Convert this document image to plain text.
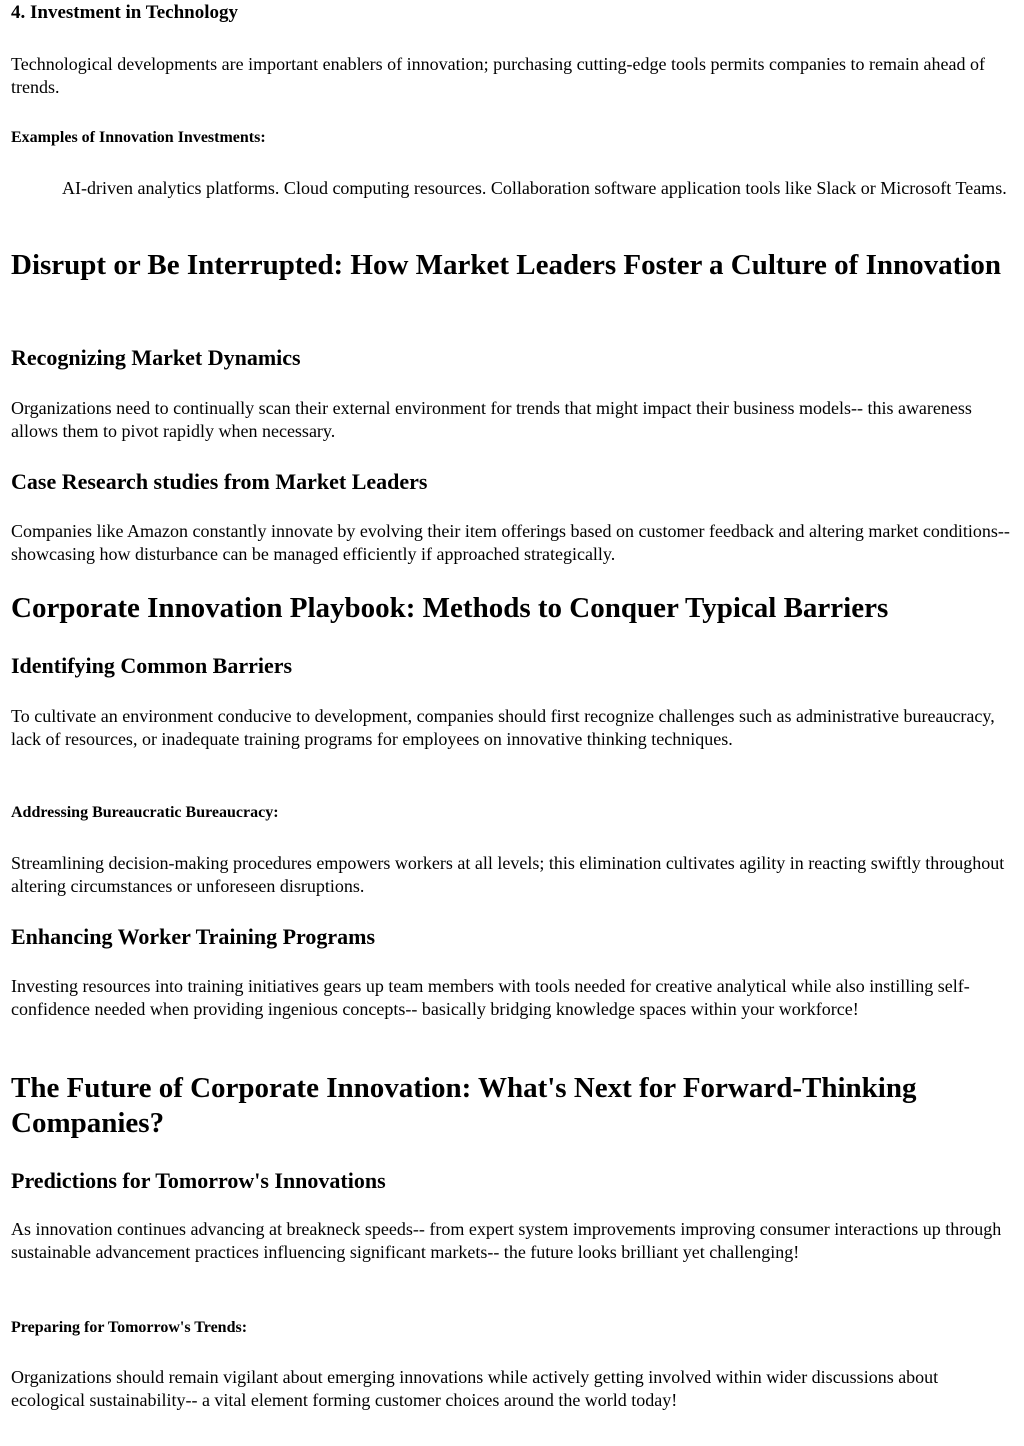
4. Investment in Technology

Technological developments are important enablers of innovation; purchasing cutting-edge tools permits companies to remain ahead of trends.

Examples of Innovation Investments:

AI-driven analytics platforms. Cloud computing resources. Collaboration software application tools like Slack or Microsoft Teams.

Disrupt or Be Interrupted: How Market Leaders Foster a Culture of Innovation
Recognizing Market Dynamics

Organizations need to continually scan their external environment for trends that might impact their business models-- this awareness allows them to pivot rapidly when necessary.

Case Research studies from Market Leaders

Companies like Amazon constantly innovate by evolving their item offerings based on customer feedback and altering market conditions-- showcasing how disturbance can be managed efficiently if approached strategically.

Corporate Innovation Playbook: Methods to Conquer Typical Barriers
Identifying Common Barriers

To cultivate an environment conducive to development, companies should first recognize challenges such as administrative bureaucracy, lack of resources, or inadequate training programs for employees on innovative thinking techniques.

Addressing Bureaucratic Bureaucracy:

Streamlining decision-making procedures empowers workers at all levels; this elimination cultivates agility in reacting swiftly throughout altering circumstances or unforeseen disruptions.

Enhancing Worker Training Programs

Investing resources into training initiatives gears up team members with tools needed for creative analytical while also instilling self-confidence needed when providing ingenious concepts-- basically bridging knowledge spaces within your workforce!

The Future of Corporate Innovation: What's Next for Forward-Thinking Companies?
Predictions for Tomorrow's Innovations

As innovation continues advancing at breakneck speeds-- from expert system improvements improving consumer interactions up through sustainable advancement practices influencing significant markets-- the future looks brilliant yet challenging!

Preparing for Tomorrow's Trends:

Organizations should remain vigilant about emerging innovations while actively getting involved within wider discussions about ecological sustainability-- a vital element forming customer choices around the world today!
